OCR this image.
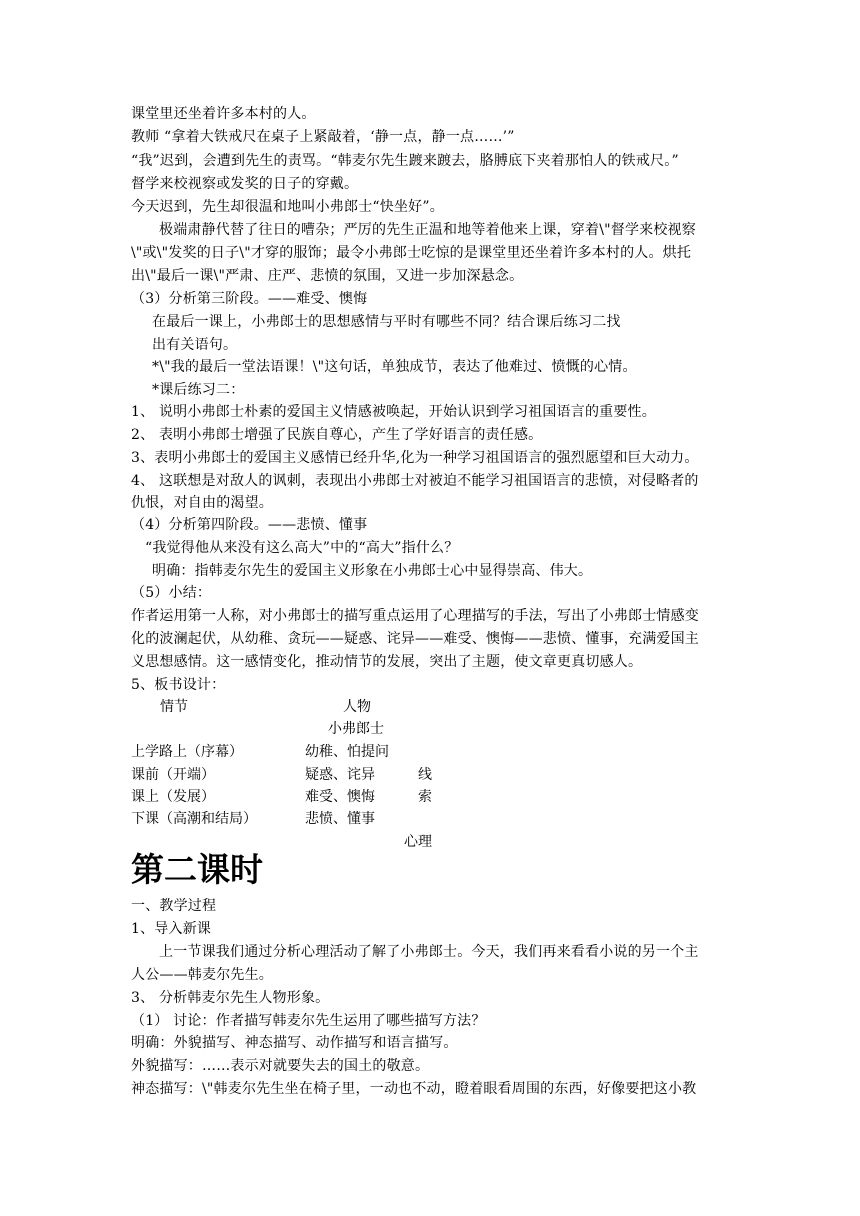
课堂里还坐着许多本村的人。
教师 “拿着大铁戒尺在桌子上紧敲着，‘静一点，静一点……’”
“我”迟到，会遭到先生的责骂。“韩麦尔先生踱来踱去，胳膊底下夹着那怕人的铁戒尺。”
督学来校视察或发奖的日子的穿戴。
今天迟到，先生却很温和地叫小弗郎士“快坐好”。
极端肃静代替了往日的嘈杂；严厉的先生正温和地等着他来上课，穿着\"督学来校视察
\"或\"发奖的日子\"才穿的服饰；最令小弗郎士吃惊的是课堂里还坐着许多本村的人。烘托
出\"最后一课\"严肃、庄严、悲愤的氛围，又进一步加深悬念。
（3）分析第三阶段。——难受、懊悔
在最后一课上，小弗郎士的思想感情与平时有哪些不同？结合课后练习二找
出有关语句。
*\"我的最后一堂法语课！\"这句话，单独成节，表达了他难过、愤慨的心情。
*课后练习二：
1、 说明小弗郎士朴素的爱国主义情感被唤起，开始认识到学习祖国语言的重要性。
2、 表明小弗郎士增强了民族自尊心，产生了学好语言的责任感。
3、表明小弗郎士的爱国主义感情已经升华,化为一种学习祖国语言的强烈愿望和巨大动力。
4、 这联想是对敌人的讽刺，表现出小弗郎士对被迫不能学习祖国语言的悲愤，对侵略者的
仇恨，对自由的渴望。
（4）分析第四阶段。——悲愤、懂事
“我觉得他从来没有这么高大”中的“高大”指什么？
明确：指韩麦尔先生的爱国主义形象在小弗郎士心中显得崇高、伟大。
（5）小结：
作者运用第一人称，对小弗郎士的描写重点运用了心理描写的手法，写出了小弗郎士情感变
化的波澜起伏，从幼稚、贪玩——疑惑、诧异——难受、懊悔——悲愤、懂事，充满爱国主
义思想感情。这一感情变化，推动情节的发展，突出了主题，使文章更真切感人。
5、板书设计：
情节	人物
小弗郎士
上学路上（序幕）	幼稚、怕提问
课前（开端）	疑惑、诧异	线
课上（发展）	难受、懊悔	索
下课（高潮和结局）	悲愤、懂事
心理
第二课时
一、教学过程
1、导入新课
上一节课我们通过分析心理活动了解了小弗郎士。今天，我们再来看看小说的另一个主
人公——韩麦尔先生。
3、 分析韩麦尔先生人物形象。
（1） 讨论：作者描写韩麦尔先生运用了哪些描写方法？
明确：外貌描写、神态描写、动作描写和语言描写。
外貌描写：……表示对就要失去的国土的敬意。
神态描写：\"韩麦尔先生坐在椅子里，一动也不动，瞪着眼看周围的东西，好像要把这小教
